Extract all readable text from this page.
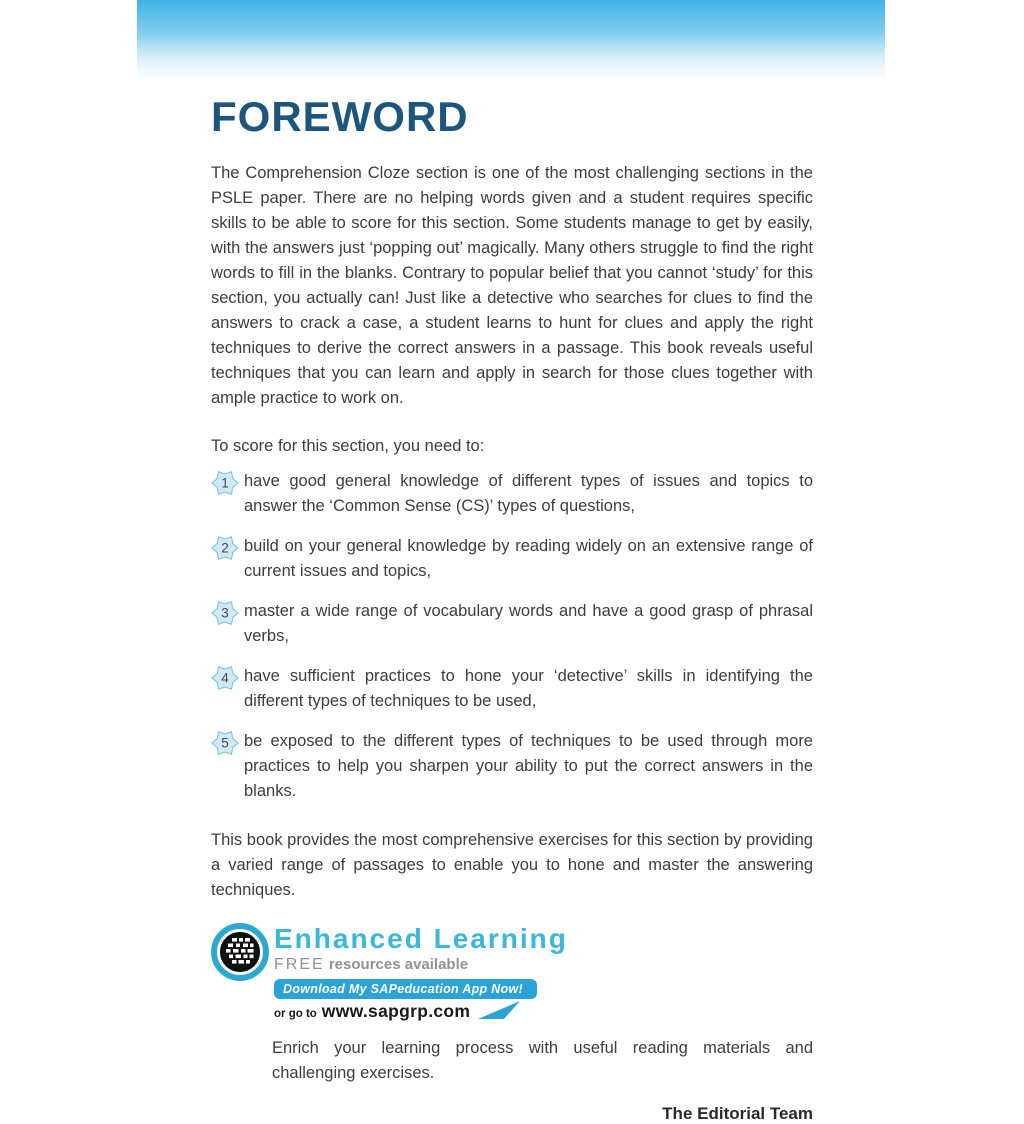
FOREWORD
The Comprehension Cloze section is one of the most challenging sections in the PSLE paper. There are no helping words given and a student requires specific skills to be able to score for this section. Some students manage to get by easily, with the answers just ‘popping out’ magically. Many others struggle to find the right words to fill in the blanks. Contrary to popular belief that you cannot ‘study’ for this section, you actually can! Just like a detective who searches for clues to find the answers to crack a case, a student learns to hunt for clues and apply the right techniques to derive the correct answers in a passage. This book reveals useful techniques that you can learn and apply in search for those clues together with ample practice to work on.
To score for this section, you need to:
1 have good general knowledge of different types of issues and topics to answer the ‘Common Sense (CS)’ types of questions,
2 build on your general knowledge by reading widely on an extensive range of current issues and topics,
3 master a wide range of vocabulary words and have a good grasp of phrasal verbs,
4 have sufficient practices to hone your ‘detective’ skills in identifying the different types of techniques to be used,
5 be exposed to the different types of techniques to be used through more practices to help you sharpen your ability to put the correct answers in the blanks.
This book provides the most comprehensive exercises for this section by providing a varied range of passages to enable you to hone and master the answering techniques.
Enhanced Learning
FREE resources available
Download My SAPeducation App Now!
or go to www.sapgrp.com
Enrich your learning process with useful reading materials and challenging exercises.
The Editorial Team
